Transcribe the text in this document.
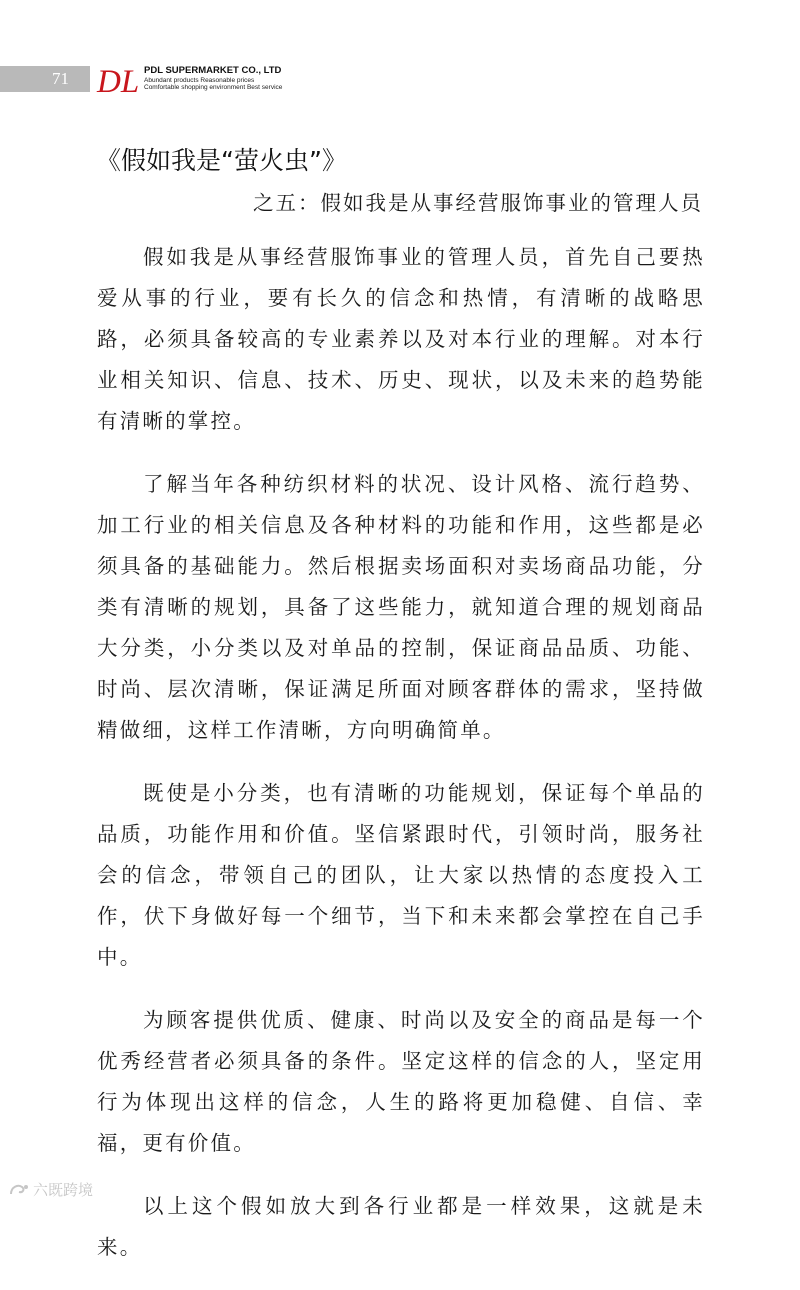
71 DL PDL SUPERMARKET CO., LTD
Abundant products Reasonable prices
Comfortable shopping environment Best service
《假如我是“萤火虫”》

之五：假如我是从事经营服饰事业的管理人员

假如我是从事经营服饰事业的管理人员，首先自己要热爱从事的行业，要有长久的信念和热情，有清晰的战略思路，必须具备较高的专业素养以及对本行业的理解。对本行业相关知识、信息、技术、历史、现状，以及未来的趋势能有清晰的掌控。

了解当年各种纺织材料的状况、设计风格、流行趋势、加工行业的相关信息及各种材料的功能和作用，这些都是必须具备的基础能力。然后根据卖场面积对卖场商品功能，分类有清晰的规划，具备了这些能力，就知道合理的规划商品大分类，小分类以及对单品的控制，保证商品品质、功能、时尚、层次清晰，保证满足所面对顾客群体的需求，坚持做精做细，这样工作清晰，方向明确简单。

既使是小分类，也有清晰的功能规划，保证每个单品的品质，功能作用和价值。坚信紧跟时代，引领时尚，服务社会的信念，带领自己的团队，让大家以热情的态度投入工作，伏下身做好每一个细节，当下和未来都会掌控在自己手中。

为顾客提供优质、健康、时尚以及安全的商品是每一个优秀经营者必须具备的条件。坚定这样的信念的人，坚定用行为体现出这样的信念，人生的路将更加稳健、自信、幸福，更有价值。

以上这个假如放大到各行业都是一样效果，这就是未来。

六既跨境
